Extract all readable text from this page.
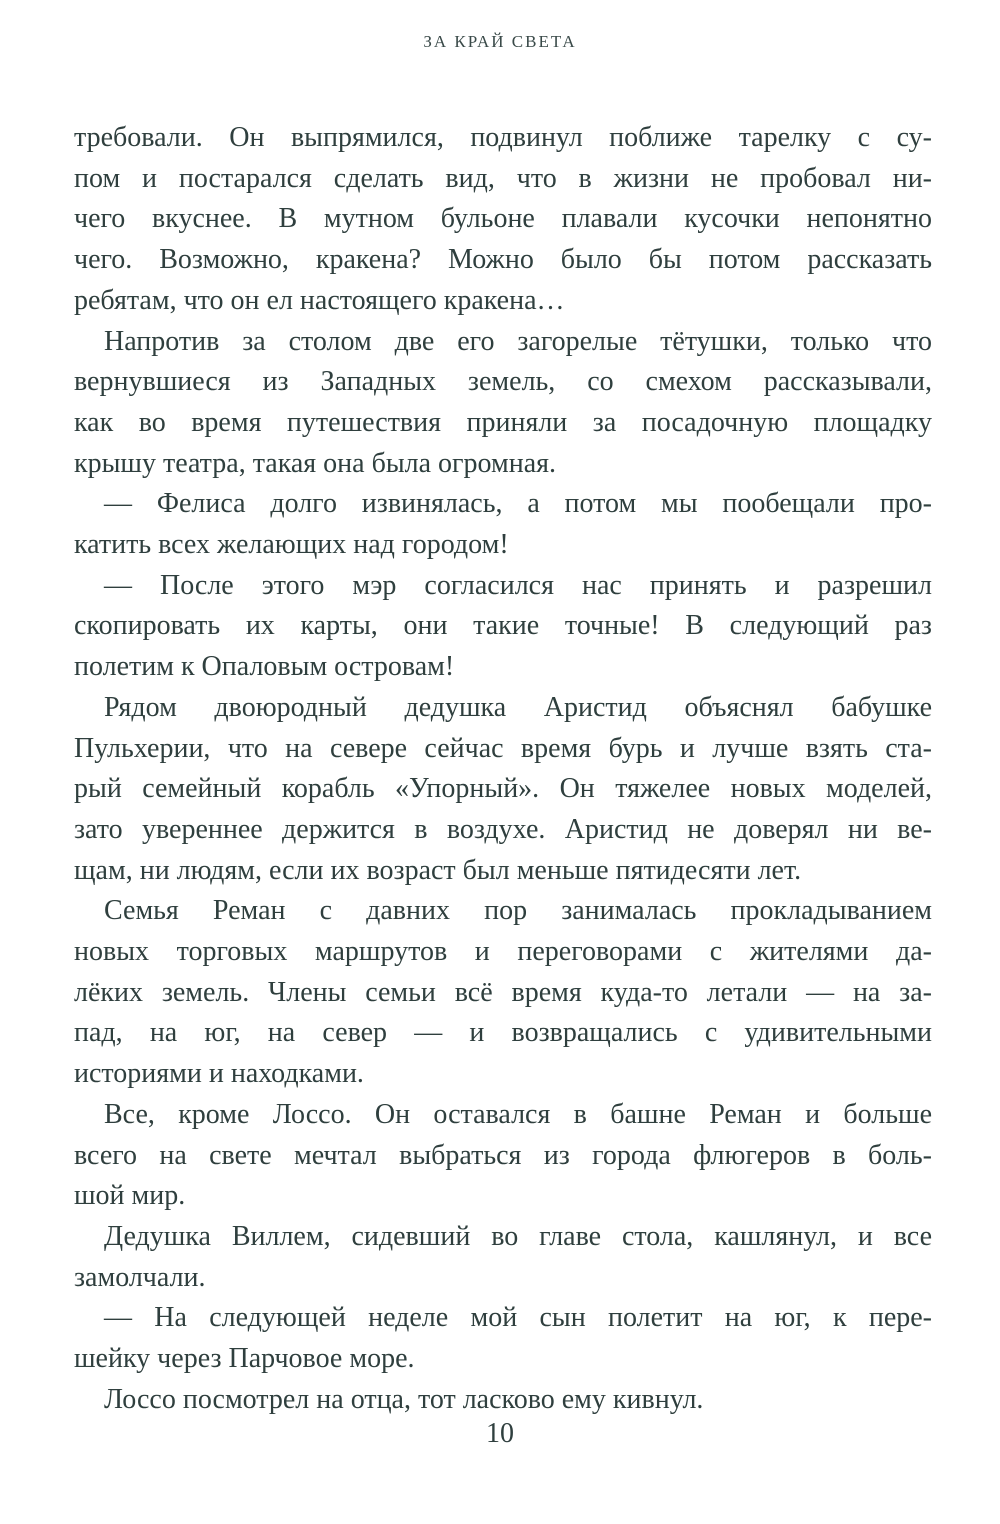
ЗА КРАЙ СВЕТА
требовали. Он выпрямился, подвинул поближе тарелку с су-
пом и постарался сделать вид, что в жизни не пробовал ни-
чего вкуснее. В мутном бульоне плавали кусочки непонятно
чего. Возможно, кракена? Можно было бы потом рассказать
ребятам, что он ел настоящего кракена…
Напротив за столом две его загорелые тётушки, только что
вернувшиеся из Западных земель, со смехом рассказывали,
как во время путешествия приняли за посадочную площадку
крышу театра, такая она была огромная.
— Фелиса долго извинялась, а потом мы пообещали про-
катить всех желающих над городом!
— После этого мэр согласился нас принять и разрешил
скопировать их карты, они такие точные! В следующий раз
полетим к Опаловым островам!
Рядом двоюродный дедушка Аристид объяснял бабушке
Пульхерии, что на севере сейчас время бурь и лучше взять ста-
рый семейный корабль «Упорный». Он тяжелее новых моделей,
зато увереннее держится в воздухе. Аристид не доверял ни ве-
щам, ни людям, если их возраст был меньше пятидесяти лет.
Семья Реман с давних пор занималась прокладыванием
новых торговых маршрутов и переговорами с жителями да-
лёких земель. Члены семьи всё время куда-то летали — на за-
пад, на юг, на север — и возвращались с удивительными
историями и находками.
Все, кроме Лоссо. Он оставался в башне Реман и больше
всего на свете мечтал выбраться из города флюгеров в боль-
шой мир.
Дедушка Виллем, сидевший во главе стола, кашлянул, и все
замолчали.
— На следующей неделе мой сын полетит на юг, к пере-
шейку через Парчовое море.
Лоссо посмотрел на отца, тот ласково ему кивнул.
10
